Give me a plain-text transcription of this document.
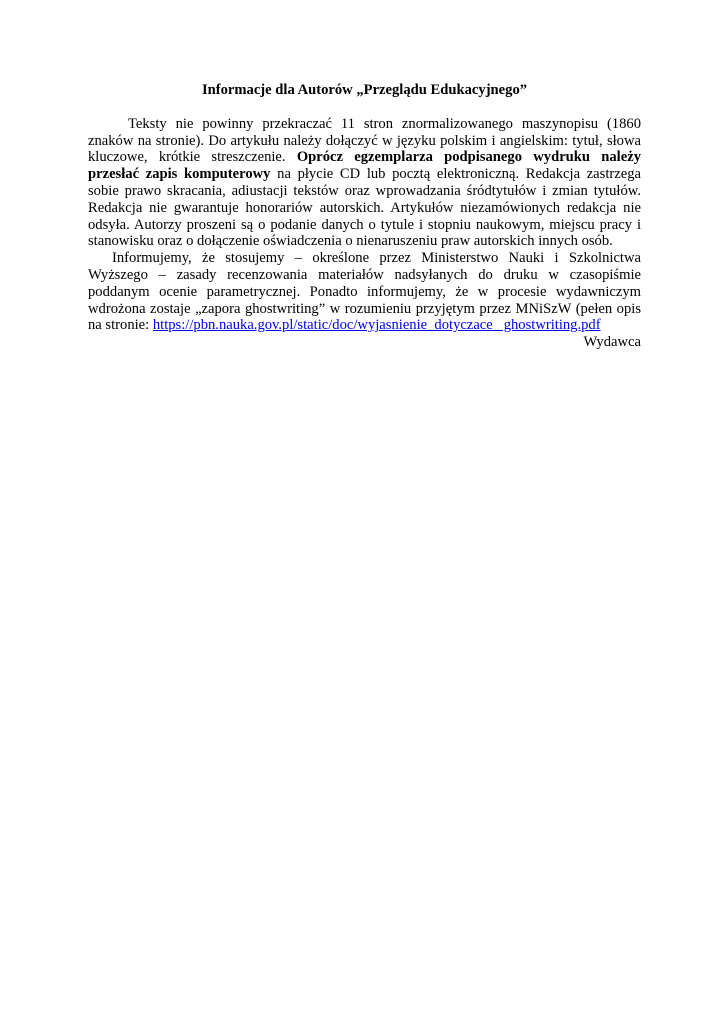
Informacje dla Autorów „Przeglądu Edukacyjnego”

Teksty nie powinny przekraczać 11 stron znormalizowanego maszynopisu (1860 znaków na stronie). Do artykułu należy dołączyć w języku polskim i angielskim: tytuł, słowa kluczowe, krótkie streszczenie. Oprócz egzemplarza podpisanego wydruku należy przesłać zapis komputerowy na płycie CD lub pocztą elektroniczną. Redakcja zastrzega sobie prawo skracania, adiustacji tekstów oraz wprowadzania śródtytułów i zmian tytułów. Redakcja nie gwarantuje honorariów autorskich. Artykułów niezamówionych redakcja nie odsyła. Autorzy proszeni są o podanie danych o tytule i stopniu naukowym, miejscu pracy i stanowisku oraz o dołączenie oświadczenia o nienaruszeniu praw autorskich innych osób.

Informujemy, że stosujemy – określone przez Ministerstwo Nauki i Szkolnictwa Wyższego – zasady recenzowania materiałów nadsyłanych do druku w czasopiśmie poddanym ocenie parametrycznej. Ponadto informujemy, że w procesie wydawniczym wdrożona zostaje „zapora ghostwriting” w rozumieniu przyjętym przez MNiSzW (pełen opis na stronie: https://pbn.nauka.gov.pl/static/doc/wyjasnienie_dotyczace_ ghostwriting.pdf

Wydawca
